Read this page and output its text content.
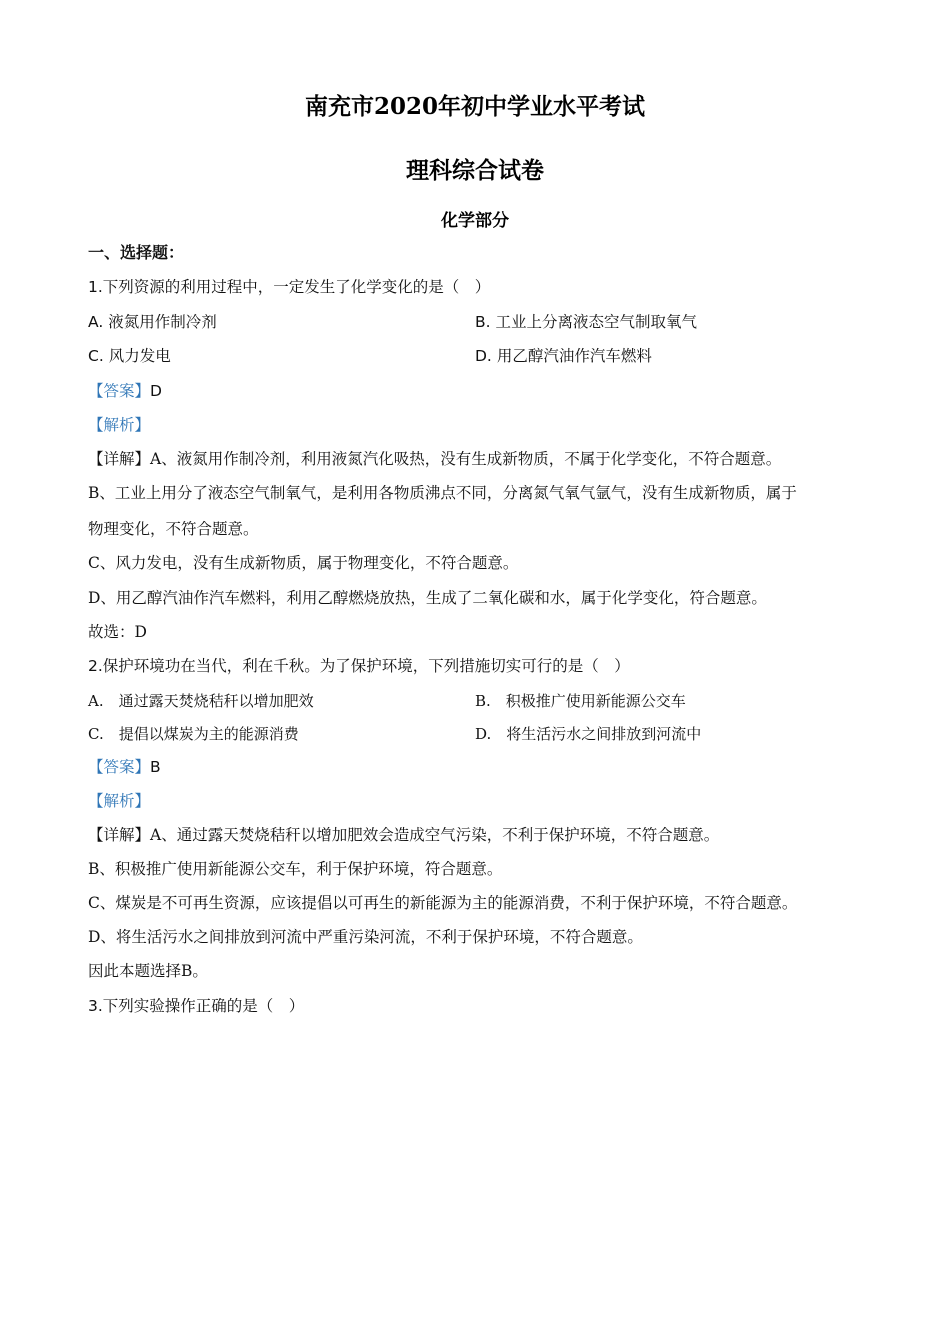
南充市2020年初中学业水平考试
理科综合试卷
化学部分
一、选择题：
1.下列资源的利用过程中，一定发生了化学变化的是（　）
A. 液氮用作制冷剂	B. 工业上分离液态空气制取氧气
C. 风力发电	D. 用乙醇汽油作汽车燃料
【答案】D
【解析】
【详解】A、液氮用作制冷剂，利用液氮汽化吸热，没有生成新物质，不属于化学变化，不符合题意。
B、工业上用分了液态空气制氧气，是利用各物质沸点不同，分离氮气氧气氩气，没有生成新物质，属于
物理变化，不符合题意。
C、风力发电，没有生成新物质，属于物理变化，不符合题意。
D、用乙醇汽油作汽车燃料，利用乙醇燃烧放热，生成了二氧化碳和水，属于化学变化，符合题意。
故选：D
2.保护环境功在当代，利在千秋。为了保护环境，下列措施切实可行的是（　）
A.　通过露天焚烧秸秆以增加肥效	B.　积极推广使用新能源公交车
C.　提倡以煤炭为主的能源消费	D.　将生活污水之间排放到河流中
【答案】B
【解析】
【详解】A、通过露天焚烧秸秆以增加肥效会造成空气污染，不利于保护环境，不符合题意。
B、积极推广使用新能源公交车，利于保护环境，符合题意。
C、煤炭是不可再生资源，应该提倡以可再生的新能源为主的能源消费，不利于保护环境，不符合题意。
D、将生活污水之间排放到河流中严重污染河流，不利于保护环境，不符合题意。
因此本题选择B。
3.下列实验操作正确的是（　）
